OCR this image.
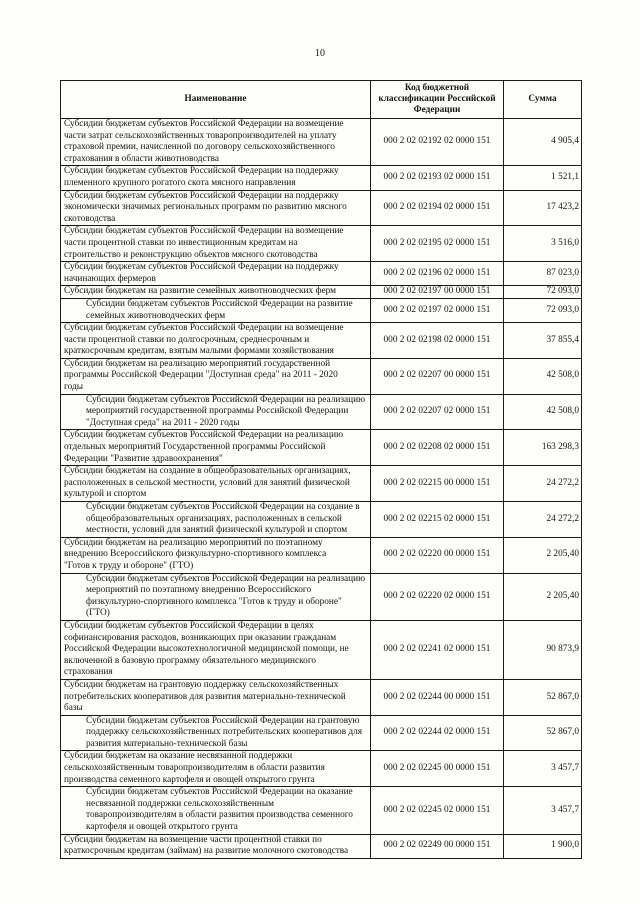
10
Наименование	Код бюджетной
классификации Российской
Федерации	Сумма

Субсидии бюджетам субъектов Российской Федерации на возмещение
части затрат сельскохозяйственных товаропроизводителей на уплату
страховой премии, начисленной по договору сельскохозяйственного
страхования в области животноводства	000 2 02 02192 02 0000 151	4 905,4

Субсидии бюджетам субъектов Российской Федерации на поддержку
племенного крупного рогатого скота мясного направления	000 2 02 02193 02 0000 151	1 521,1

Субсидии бюджетам субъектов Российской Федерации на поддержку
экономически значимых региональных программ по развитию мясного
скотоводства	000 2 02 02194 02 0000 151	17 423,2

Субсидии бюджетам субъектов Российской Федерации на возмещение
части процентной ставки по инвестиционным кредитам на
строительство и реконструкцию объектов мясного скотоводства	000 2 02 02195 02 0000 151	3 516,0

Субсидии бюджетам субъектов Российской Федерации на поддержку
начинающих фермеров	000 2 02 02196 02 0000 151	87 023,0

Субсидии бюджетам на развитие семейных животноводческих ферм	000 2 02 02197 00 0000 151	72 093,0

Субсидии бюджетам субъектов Российской Федерации на развитие
семейных животноводческих ферм	000 2 02 02197 02 0000 151	72 093,0

Субсидии бюджетам субъектов Российской Федерации на возмещение
части процентной ставки по долгосрочным, среднесрочным и
краткосрочным кредитам, взятым малыми формами хозяйствования	000 2 02 02198 02 0000 151	37 855,4

Субсидии бюджетам на реализацию мероприятий государственной
программы Российской Федерации "Доступная среда" на 2011 - 2020
годы	000 2 02 02207 00 0000 151	42 508,0

Субсидии бюджетам субъектов Российской Федерации на реализацию
мероприятий государственной программы Российской Федерации
"Доступная среда" на 2011 - 2020 годы	000 2 02 02207 02 0000 151	42 508,0

Субсидии бюджетам субъектов Российской Федерации на реализацию
отдельных мероприятий Государственной программы Российской
Федерации "Развитие здравоохранения"	000 2 02 02208 02 0000 151	163 298,3

Субсидии бюджетам на создание в общеобразовательных организациях,
расположенных в сельской местности, условий для занятий физической
культурой и спортом	000 2 02 02215 00 0000 151	24 272,2

Субсидии бюджетам субъектов Российской Федерации на создание в
общеобразовательных организациях, расположенных в сельской
местности, условий для занятий физической культурой и спортом	000 2 02 02215 02 0000 151	24 272,2

Субсидии бюджетам на реализацию мероприятий по поэтапному
внедрению Всероссийского физкультурно-спортивного комплекса
"Готов к труду и обороне" (ГТО)	000 2 02 02220 00 0000 151	2 205,40

Субсидии бюджетам субъектов Российской Федерации на реализацию
мероприятий по поэтапному внедрению Всероссийского
физкультурно-спортивного комплекса "Готов к труду и обороне"
(ГТО)	000 2 02 02220 02 0000 151	2 205,40

Субсидии бюджетам субъектов Российской Федерации в целях
софинансирования расходов, возникающих при оказании гражданам
Российской Федерации высокотехнологичной медицинской помощи, не
включенной в базовую программу обязательного медицинского
страхования	000 2 02 02241 02 0000 151	90 873,9

Субсидии бюджетам на грантовую поддержку сельскохозяйственных
потребительских кооперативов для развития материально-технической
базы	000 2 02 02244 00 0000 151	52 867,0

Субсидии бюджетам субъектов Российской Федерации на грантовую
поддержку сельскохозяйственных потребительских кооперативов для
развития материально-технической базы	000 2 02 02244 02 0000 151	52 867,0

Субсидии бюджетам на оказание несвязанной поддержки
сельскохозяйственным товаропроизводителям в области развития
производства семенного картофеля и овощей открытого грунта	000 2 02 02245 00 0000 151	3 457,7

Субсидии бюджетам субъектов Российской Федерации на оказание
несвязанной поддержки сельскохозяйственным
товаропроизводителям в области развития производства семенного
картофеля и овощей открытого грунта	000 2 02 02245 02 0000 151	3 457,7

Субсидии бюджетам на возмещение части процентной ставки по
краткосрочным кредитам (займам) на развитие молочного скотоводства	000 2 02 02249 00 0000 151	1 900,0
